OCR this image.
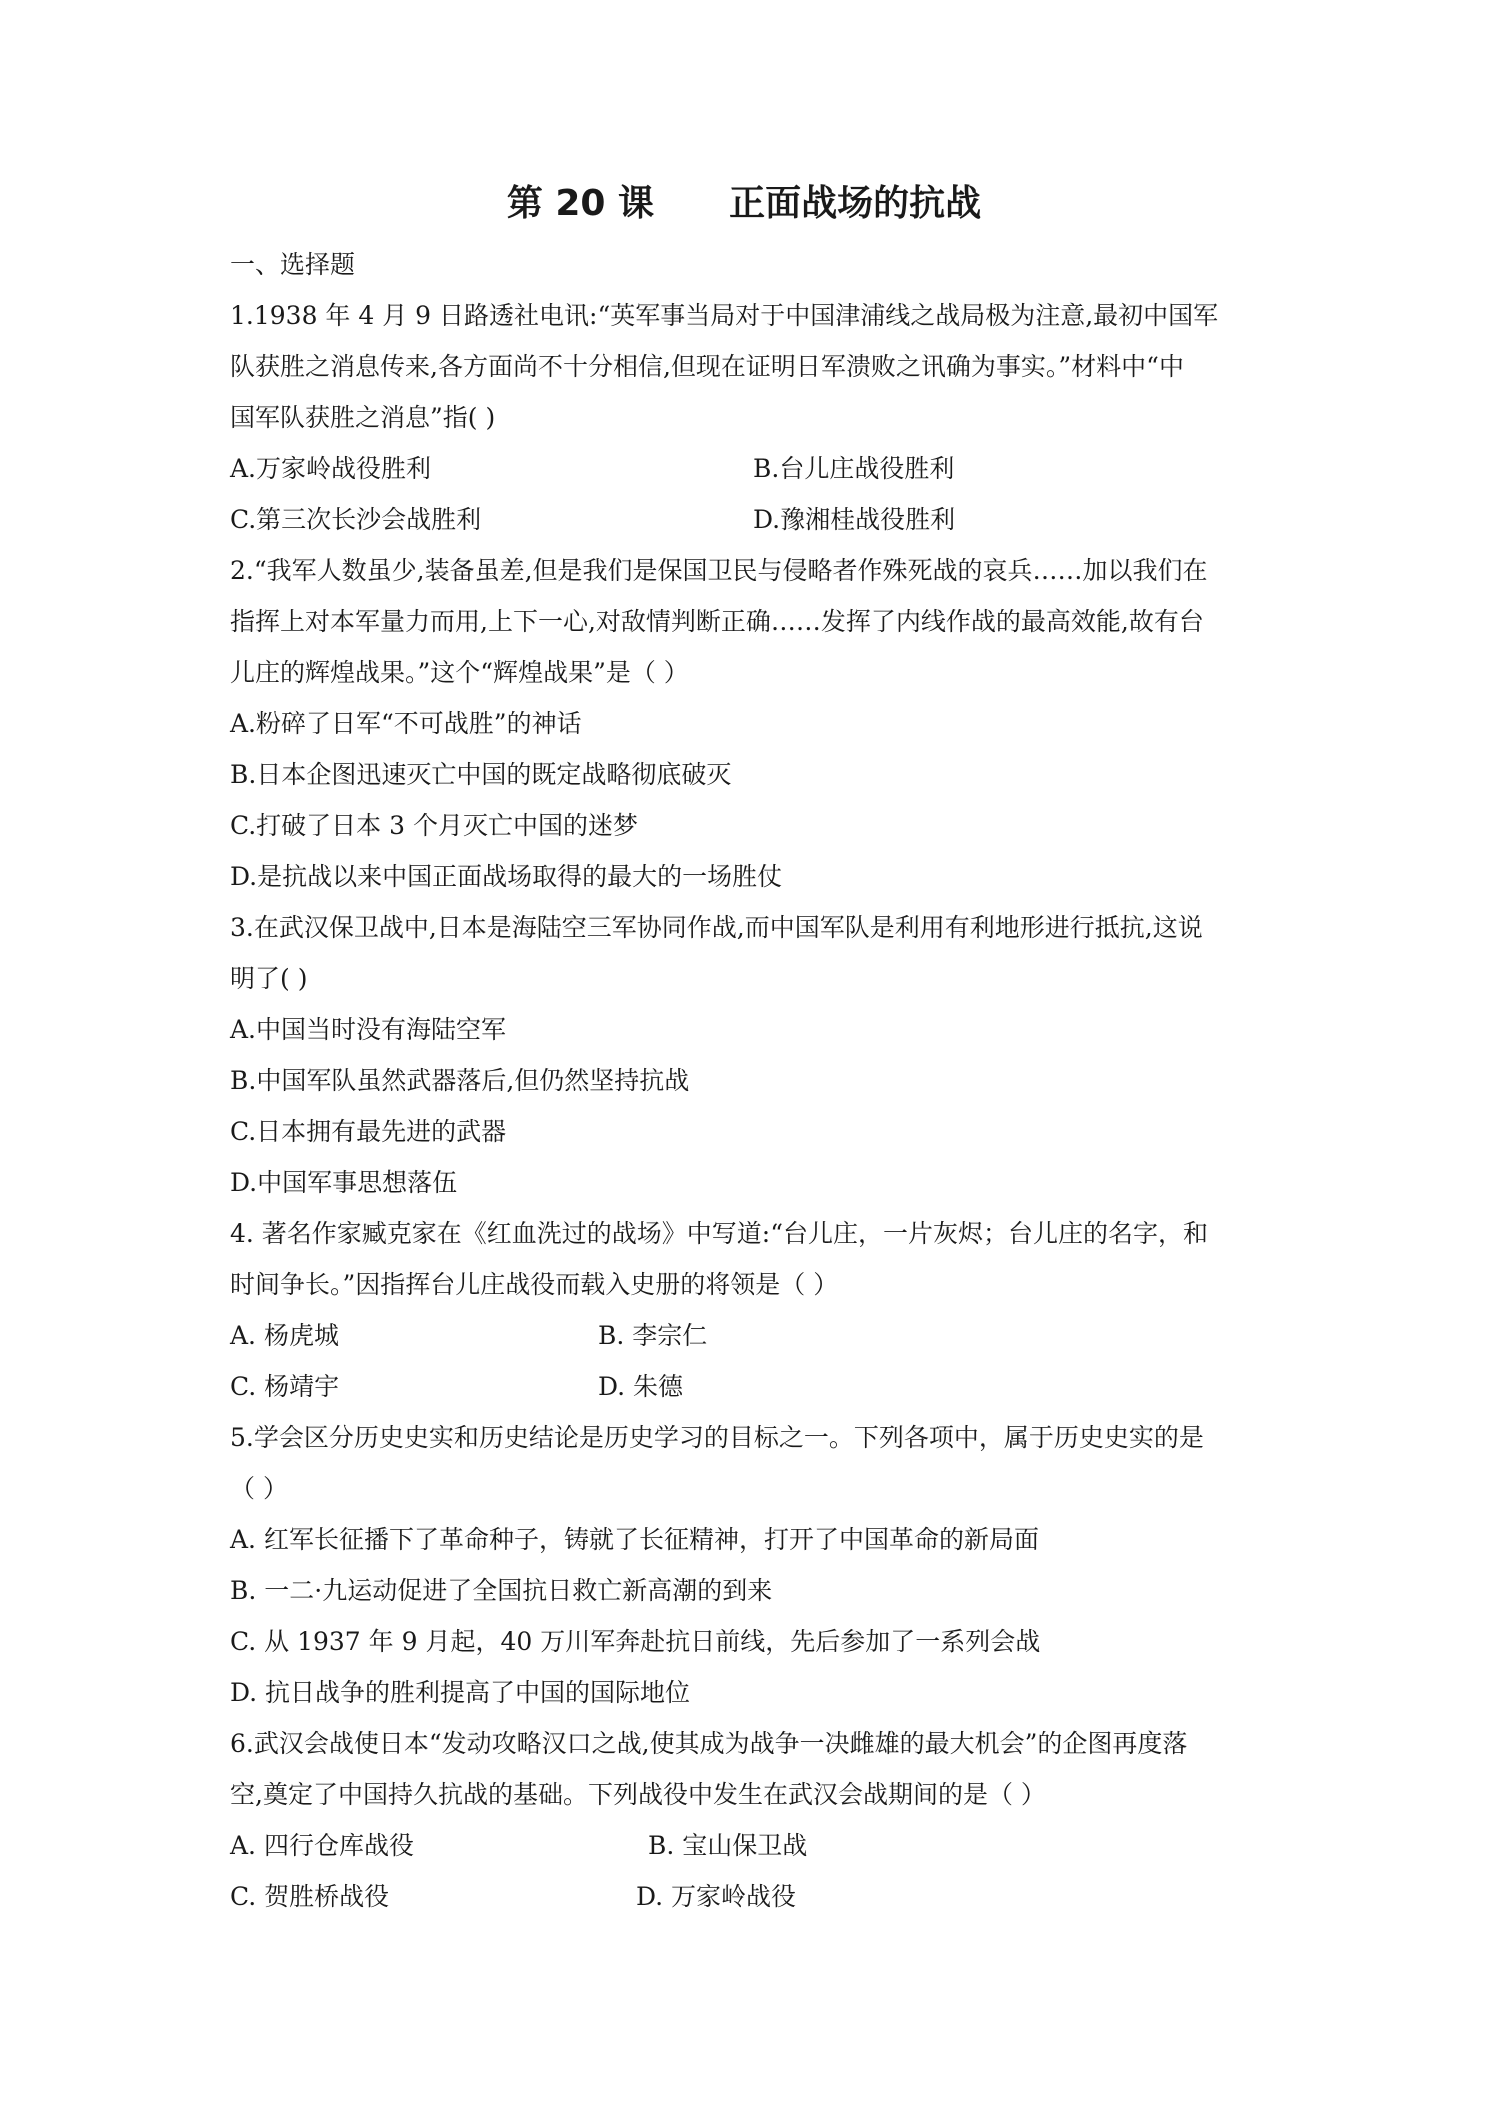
第 20 课      正面战场的抗战
一、选择题
1.1938 年 4 月 9 日路透社电讯:“英军事当局对于中国津浦线之战局极为注意,最初中国军
队获胜之消息传来,各方面尚不十分相信,但现在证明日军溃败之讯确为事实。”材料中“中
国军队获胜之消息”指( )
A.万家岭战役胜利	B.台儿庄战役胜利
C.第三次长沙会战胜利	D.豫湘桂战役胜利
2.“我军人数虽少,装备虽差,但是我们是保国卫民与侵略者作殊死战的哀兵……加以我们在
指挥上对本军量力而用,上下一心,对敌情判断正确……发挥了内线作战的最高效能,故有台
儿庄的辉煌战果。”这个“辉煌战果”是（ ）
A.粉碎了日军“不可战胜”的神话
B.日本企图迅速灭亡中国的既定战略彻底破灭
C.打破了日本 3 个月灭亡中国的迷梦
D.是抗战以来中国正面战场取得的最大的一场胜仗
3.在武汉保卫战中,日本是海陆空三军协同作战,而中国军队是利用有利地形进行抵抗,这说
明了( )
A.中国当时没有海陆空军
B.中国军队虽然武器落后,但仍然坚持抗战
C.日本拥有最先进的武器
D.中国军事思想落伍
4. 著名作家臧克家在《红血洗过的战场》中写道:“台儿庄，一片灰烬；台儿庄的名字，和
时间争长。”因指挥台儿庄战役而载入史册的将领是（ ）
A. 杨虎城	B. 李宗仁
C. 杨靖宇	D. 朱德
5.学会区分历史史实和历史结论是历史学习的目标之一。下列各项中，属于历史史实的是
（ ）
A. 红军长征播下了革命种子，铸就了长征精神，打开了中国革命的新局面
B. 一二·九运动促进了全国抗日救亡新高潮的到来
C. 从 1937 年 9 月起，40 万川军奔赴抗日前线，先后参加了一系列会战
D. 抗日战争的胜利提高了中国的国际地位
6.武汉会战使日本“发动攻略汉口之战,使其成为战争一决雌雄的最大机会”的企图再度落
空,奠定了中国持久抗战的基础。下列战役中发生在武汉会战期间的是（ ）
A. 四行仓库战役	B. 宝山保卫战
C. 贺胜桥战役	D. 万家岭战役
